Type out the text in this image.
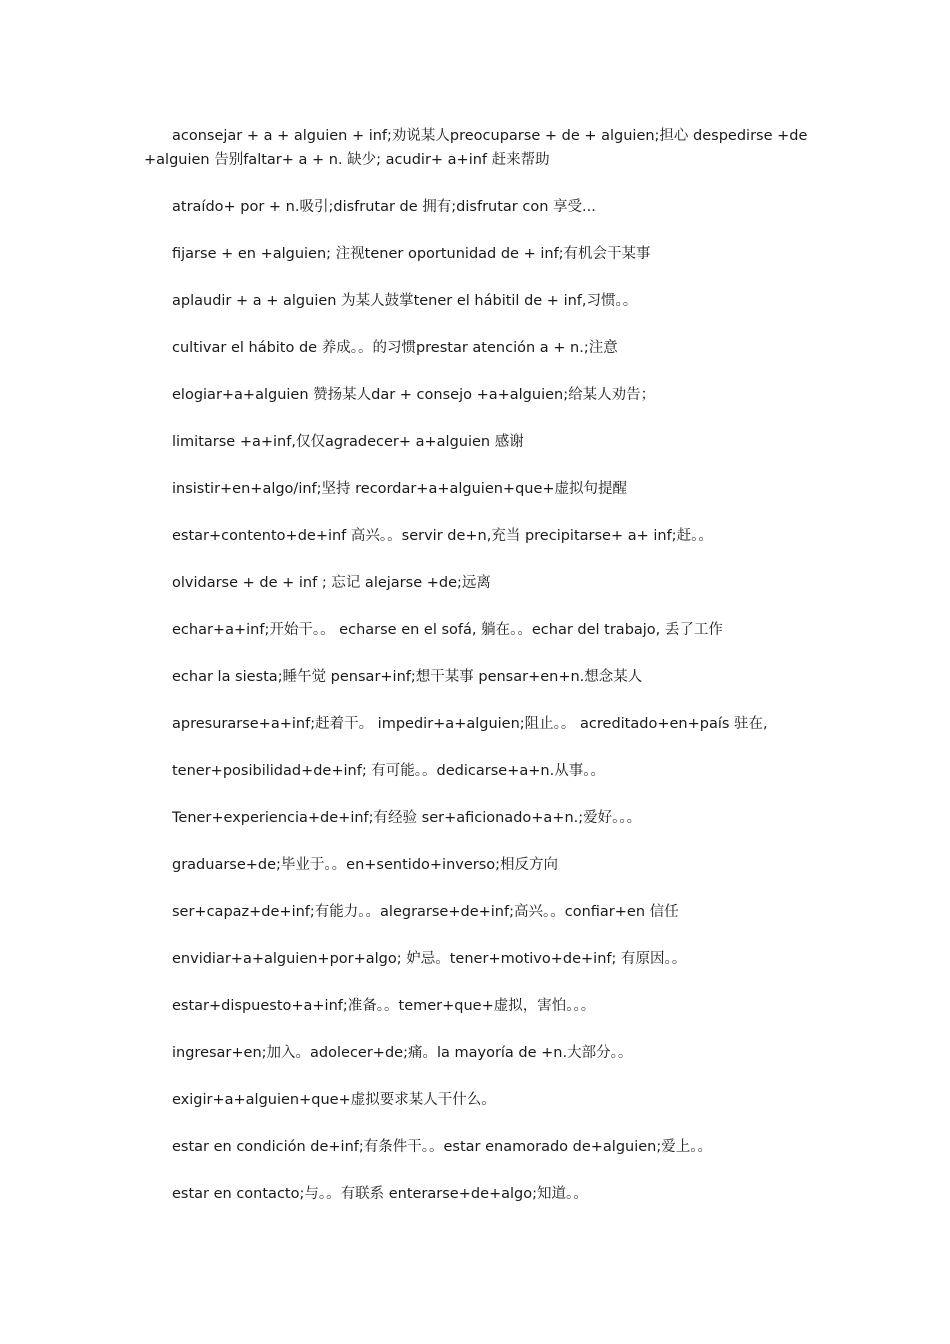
aconsejar + a + alguien + inf;劝说某人preocuparse + de + alguien;担心 despedirse +de +alguien 告别faltar+ a + n. 缺少; acudir+ a+inf 赶来帮助

atraído+ por + n.吸引;disfrutar de 拥有;disfrutar con 享受...

fijarse + en +alguien; 注视tener oportunidad de + inf;有机会干某事

aplaudir + a + alguien 为某人鼓掌tener el hábitil de + inf,习惯。。

cultivar el hábito de 养成。。的习惯prestar atención a + n.;注意

elogiar+a+alguien 赞扬某人dar + consejo +a+alguien;给某人劝告；

limitarse +a+inf,仅仅agradecer+ a+alguien 感谢

insistir+en+algo/inf;坚持 recordar+a+alguien+que+虚拟句提醒

estar+contento+de+inf 高兴。。servir de+n,充当 precipitarse+ a+ inf;赶。。

olvidarse + de + inf ; 忘记 alejarse +de;远离

echar+a+inf;开始干。。 echarse en el sofá, 躺在。。echar del trabajo, 丢了工作

echar la siesta;睡午觉 pensar+inf;想干某事 pensar+en+n.想念某人

apresurarse+a+inf;赶着干。 impedir+a+alguien;阻止。。 acreditado+en+país 驻在,

tener+posibilidad+de+inf; 有可能。。dedicarse+a+n.从事。。

Tener+experiencia+de+inf;有经验 ser+aficionado+a+n.;爱好。。。

graduarse+de;毕业于。。en+sentido+inverso;相反方向

ser+capaz+de+inf;有能力。。alegrarse+de+inf;高兴。。confiar+en 信任

envidiar+a+alguien+por+algo; 妒忌。tener+motivo+de+inf; 有原因。。

estar+dispuesto+a+inf;准备。。temer+que+虚拟，害怕。。。

ingresar+en;加入。adolecer+de;痛。la mayoría de +n.大部分。。

exigir+a+alguien+que+虚拟要求某人干什么。

estar en condición de+inf;有条件干。。estar enamorado de+alguien;爱上。。

estar en contacto;与。。有联系 enterarse+de+algo;知道。。
